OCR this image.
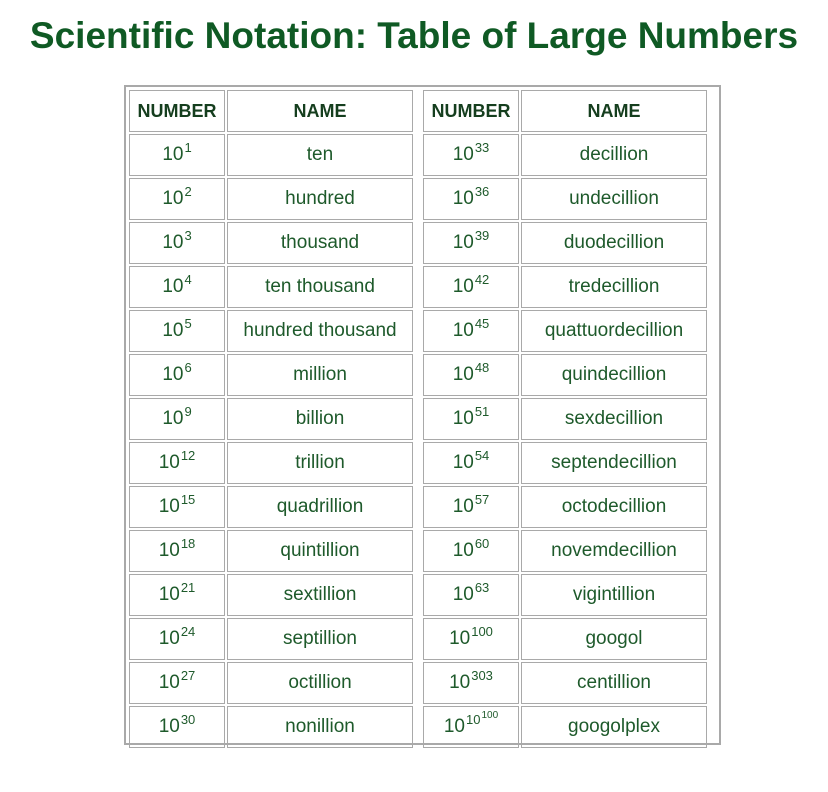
Scientific Notation: Table of Large Numbers
NUMBER	NAME
$10^1$	ten
$10^2$	hundred
$10^3$	thousand
$10^4$	ten thousand
$10^5$	hundred thousand
$10^6$	million
$10^9$	billion
$10^{12}$	trillion
$10^{15}$	quadrillion
$10^{18}$	quintillion
$10^{21}$	sextillion
$10^{24}$	septillion
$10^{27}$	octillion
$10^{30}$	nonillion
NUMBER	NAME
$10^{33}$	decillion
$10^{36}$	undecillion
$10^{39}$	duodecillion
$10^{42}$	tredecillion
$10^{45}$	quattuordecillion
$10^{48}$	quindecillion
$10^{51}$	sexdecillion
$10^{54}$	septendecillion
$10^{57}$	octodecillion
$10^{60}$	novemdecillion
$10^{63}$	vigintillion
$10^{100}$	googol
$10^{303}$	centillion
$10^{10100}$	googolplex
